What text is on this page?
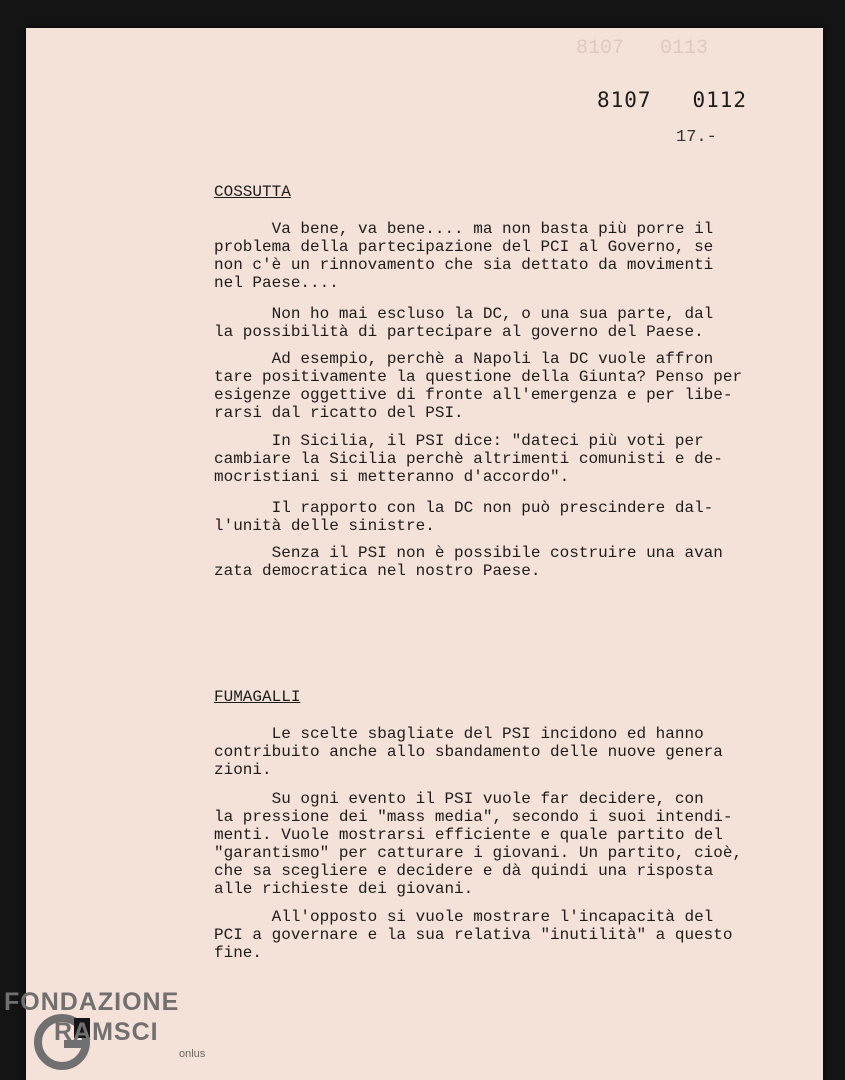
8107   0113
8107   0112
17.-
COSSUTTA
Va bene, va bene.... ma non basta più porre il
problema della partecipazione del PCI al Governo, se
non c'è un rinnovamento che sia dettato da movimenti
nel Paese....
Non ho mai escluso la DC, o una sua parte, dal
la possibilità di partecipare al governo del Paese.
Ad esempio, perchè a Napoli la DC vuole affron
tare positivamente la questione della Giunta? Penso per
esigenze oggettive di fronte all'emergenza e per libe-
rarsi dal ricatto del PSI.
In Sicilia, il PSI dice: "dateci più voti per
cambiare la Sicilia perchè altrimenti comunisti e de-
mocristiani si metteranno d'accordo".
Il rapporto con la DC non può prescindere dal-
l'unità delle sinistre.
Senza il PSI non è possibile costruire una avan
zata democratica nel nostro Paese.
FUMAGALLI
Le scelte sbagliate del PSI incidono ed hanno
contribuito anche allo sbandamento delle nuove genera
zioni.
Su ogni evento il PSI vuole far decidere, con
la pressione dei "mass media", secondo i suoi intendi-
menti. Vuole mostrarsi efficiente e quale partito del
"garantismo" per catturare i giovani. Un partito, cioè,
che sa scegliere e decidere e dà quindi una risposta
alle richieste dei giovani.
All'opposto si vuole mostrare l'incapacità del
PCI a governare e la sua relativa "inutilità" a questo
fine.
FONDAZIONE
RAMSCI
onlus
